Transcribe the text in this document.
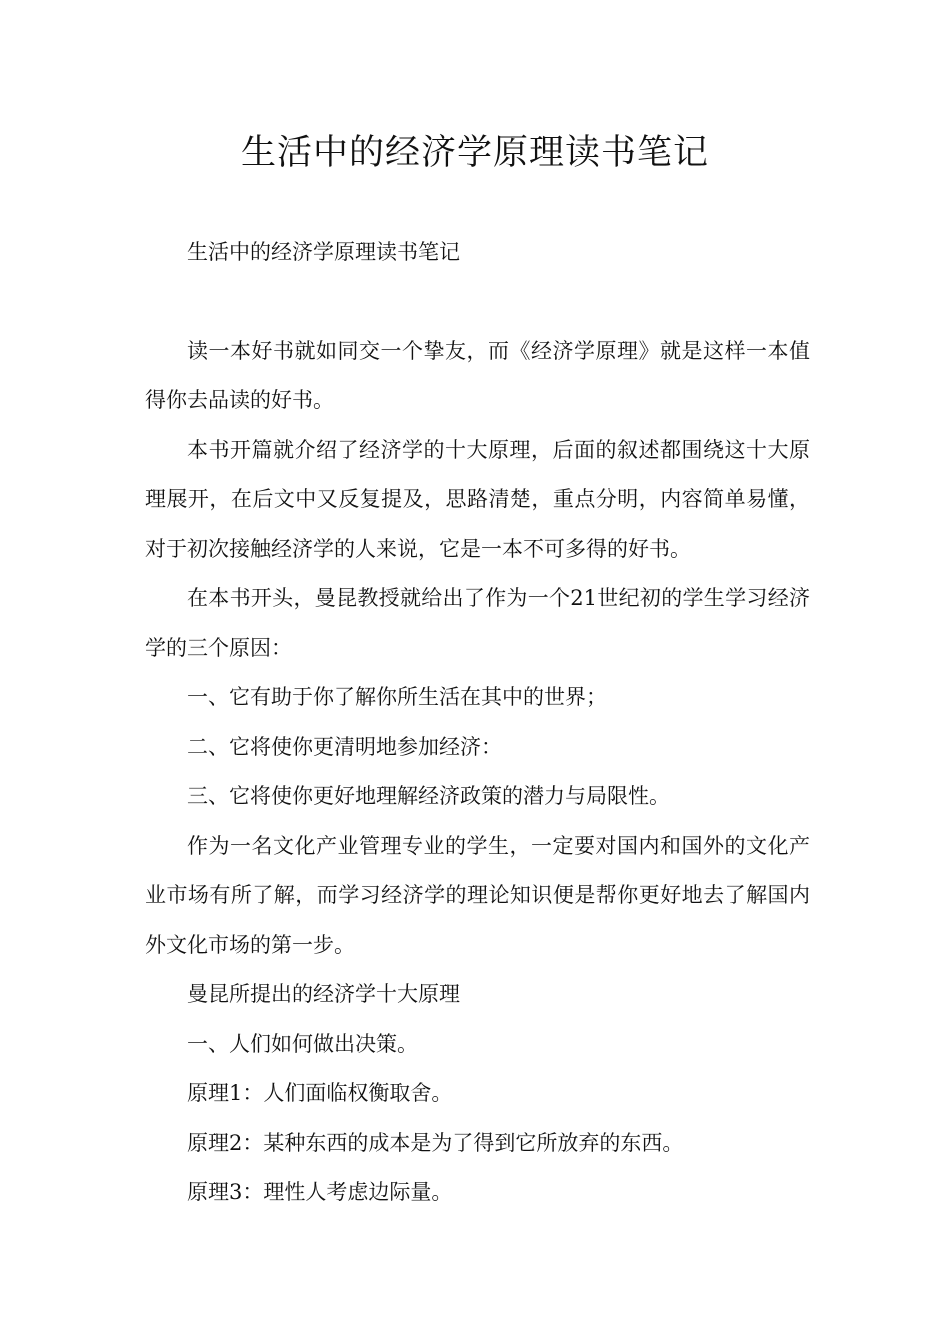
生活中的经济学原理读书笔记

生活中的经济学原理读书笔记

读一本好书就如同交一个挚友，而《经济学原理》就是这样一本值得你去品读的好书。

本书开篇就介绍了经济学的十大原理，后面的叙述都围绕这十大原理展开，在后文中又反复提及，思路清楚，重点分明，内容简单易懂，对于初次接触经济学的人来说，它是一本不可多得的好书。

在本书开头，曼昆教授就给出了作为一个21世纪初的学生学习经济学的三个原因：

一、它有助于你了解你所生活在其中的世界；

二、它将使你更清明地参加经济：

三、它将使你更好地理解经济政策的潜力与局限性。

作为一名文化产业管理专业的学生，一定要对国内和国外的文化产业市场有所了解，而学习经济学的理论知识便是帮你更好地去了解国内外文化市场的第一步。

曼昆所提出的经济学十大原理

一、人们如何做出决策。

原理1：人们面临权衡取舍。

原理2：某种东西的成本是为了得到它所放弃的东西。

原理3：理性人考虑边际量。
